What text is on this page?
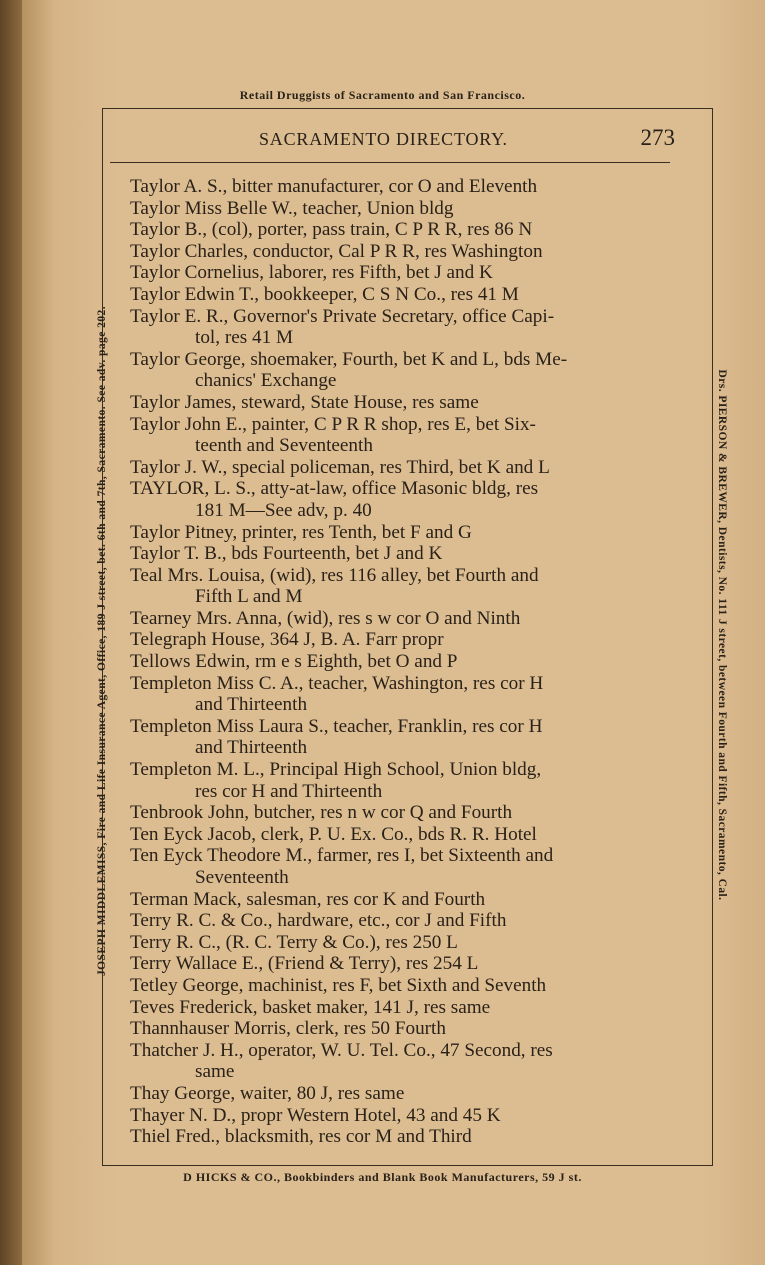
Retail Druggists of Sacramento and San Francisco.
SACRAMENTO DIRECTORY.	273
Taylor A. S., bitter manufacturer, cor O and Eleventh
Taylor Miss Belle W., teacher, Union bldg
Taylor B., (col), porter, pass train, C P R R, res 86 N
Taylor Charles, conductor, Cal P R R, res Washington
Taylor Cornelius, laborer, res Fifth, bet J and K
Taylor Edwin T., bookkeeper, C S N Co., res 41 M
Taylor E. R., Governor's Private Secretary, office Capi-
tol, res 41 M
Taylor George, shoemaker, Fourth, bet K and L, bds Me-
chanics' Exchange
Taylor James, steward, State House, res same
Taylor John E., painter, C P R R shop, res E, bet Six-
teenth and Seventeenth
Taylor J. W., special policeman, res Third, bet K and L
TAYLOR, L. S., atty-at-law, office Masonic bldg, res
181 M—See adv, p. 40
Taylor Pitney, printer, res Tenth, bet F and G
Taylor T. B., bds Fourteenth, bet J and K
Teal Mrs. Louisa, (wid), res 116 alley, bet Fourth and
Fifth L and M
Tearney Mrs. Anna, (wid), res s w cor O and Ninth
Telegraph House, 364 J, B. A. Farr propr
Tellows Edwin, rm e s Eighth, bet O and P
Templeton Miss C. A., teacher, Washington, res cor H
and Thirteenth
Templeton Miss Laura S., teacher, Franklin, res cor H
and Thirteenth
Templeton M. L., Principal High School, Union bldg,
res cor H and Thirteenth
Tenbrook John, butcher, res n w cor Q and Fourth
Ten Eyck Jacob, clerk, P. U. Ex. Co., bds R. R. Hotel
Ten Eyck Theodore M., farmer, res I, bet Sixteenth and
Seventeenth
Terman Mack, salesman, res cor K and Fourth
Terry R. C. & Co., hardware, etc., cor J and Fifth
Terry R. C., (R. C. Terry & Co.), res 250 L
Terry Wallace E., (Friend & Terry), res 254 L
Tetley George, machinist, res F, bet Sixth and Seventh
Teves Frederick, basket maker, 141 J, res same
Thannhauser Morris, clerk, res 50 Fourth
Thatcher J. H., operator, W. U. Tel. Co., 47 Second, res
same
Thay George, waiter, 80 J, res same
Thayer N. D., propr Western Hotel, 43 and 45 K
Thiel Fred., blacksmith, res cor M and Third
JOSEPH MIDDLEMISS, Fire and Life Insurance Agent, Office, 189 J street, bet. 6th and 7th, Sacramento. See adv. page 202.	Drs. PIERSON & BREWER, Dentists, No. 111 J street, between Fourth and Fifth, Sacramento, Cal.
D HICKS & CO., Bookbinders and Blank Book Manufacturers, 59 J st.
